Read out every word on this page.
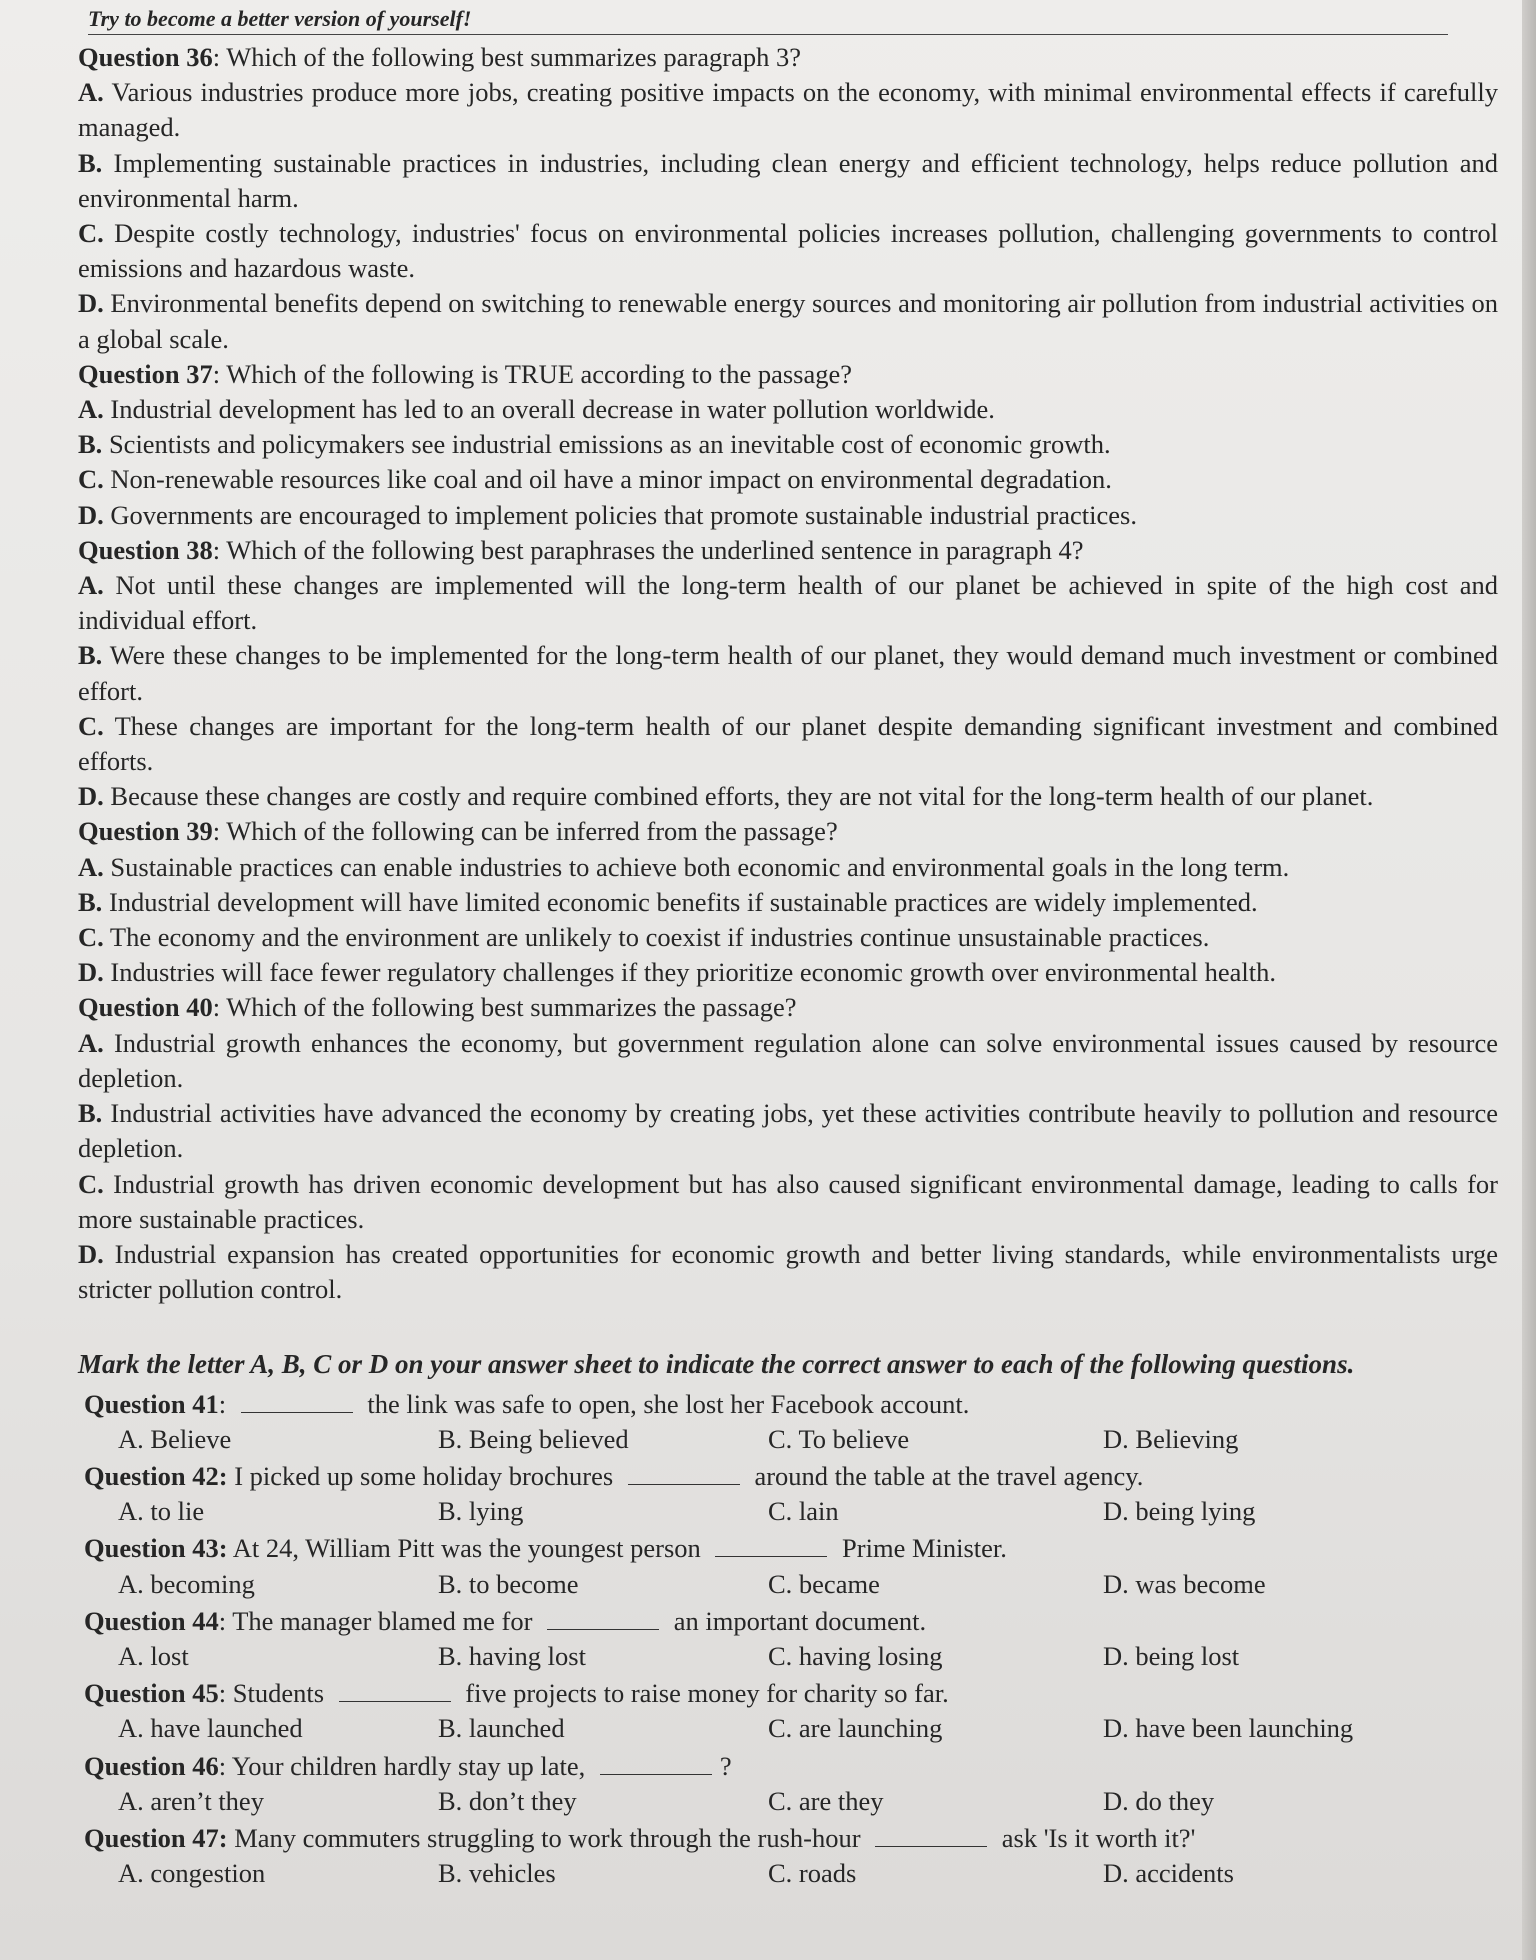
Try to become a better version of yourself!

Question 36: Which of the following best summarizes paragraph 3?

A. Various industries produce more jobs, creating positive impacts on the economy, with minimal environmental effects if carefully managed.

B. Implementing sustainable practices in industries, including clean energy and efficient technology, helps reduce pollution and environmental harm.

C. Despite costly technology, industries' focus on environmental policies increases pollution, challenging governments to control emissions and hazardous waste.

D. Environmental benefits depend on switching to renewable energy sources and monitoring air pollution from industrial activities on a global scale.

Question 37: Which of the following is TRUE according to the passage?

A. Industrial development has led to an overall decrease in water pollution worldwide.

B. Scientists and policymakers see industrial emissions as an inevitable cost of economic growth.

C. Non-renewable resources like coal and oil have a minor impact on environmental degradation.

D. Governments are encouraged to implement policies that promote sustainable industrial practices.

Question 38: Which of the following best paraphrases the underlined sentence in paragraph 4?

A. Not until these changes are implemented will the long-term health of our planet be achieved in spite of the high cost and individual effort.

B. Were these changes to be implemented for the long-term health of our planet, they would demand much investment or combined effort.

C. These changes are important for the long-term health of our planet despite demanding significant investment and combined efforts.

D. Because these changes are costly and require combined efforts, they are not vital for the long-term health of our planet.

Question 39: Which of the following can be inferred from the passage?

A. Sustainable practices can enable industries to achieve both economic and environmental goals in the long term.

B. Industrial development will have limited economic benefits if sustainable practices are widely implemented.

C. The economy and the environment are unlikely to coexist if industries continue unsustainable practices.

D. Industries will face fewer regulatory challenges if they prioritize economic growth over environmental health.

Question 40: Which of the following best summarizes the passage?

A. Industrial growth enhances the economy, but government regulation alone can solve environmental issues caused by resource depletion.

B. Industrial activities have advanced the economy by creating jobs, yet these activities contribute heavily to pollution and resource depletion.

C. Industrial growth has driven economic development but has also caused significant environmental damage, leading to calls for more sustainable practices.

D. Industrial expansion has created opportunities for economic growth and better living standards, while environmentalists urge stricter pollution control.

Mark the letter A, B, C or D on your answer sheet to indicate the correct answer to each of the following questions.

Question 41:	the link was safe to open, she lost her Facebook account.

A. Believe	B. Being believed	C. To believe	D. Believing

Question 42: I picked up some holiday brochures	around the table at the travel agency.

A. to lie	B. lying	C. lain	D. being lying

Question 43: At 24, William Pitt was the youngest person	Prime Minister.

A. becoming	B. to become	C. became	D. was become

Question 44: The manager blamed me for	an important document.

A. lost	B. having lost	C. having losing	D. being lost

Question 45: Students	five projects to raise money for charity so far.

A. have launched	B. launched	C. are launching	D. have been launching

Question 46: Your children hardly stay up late,	?

A. aren’t they	B. don’t they	C. are they	D. do they

Question 47: Many commuters struggling to work through the rush-hour	ask 'Is it worth it?'

A. congestion	B. vehicles	C. roads	D. accidents
